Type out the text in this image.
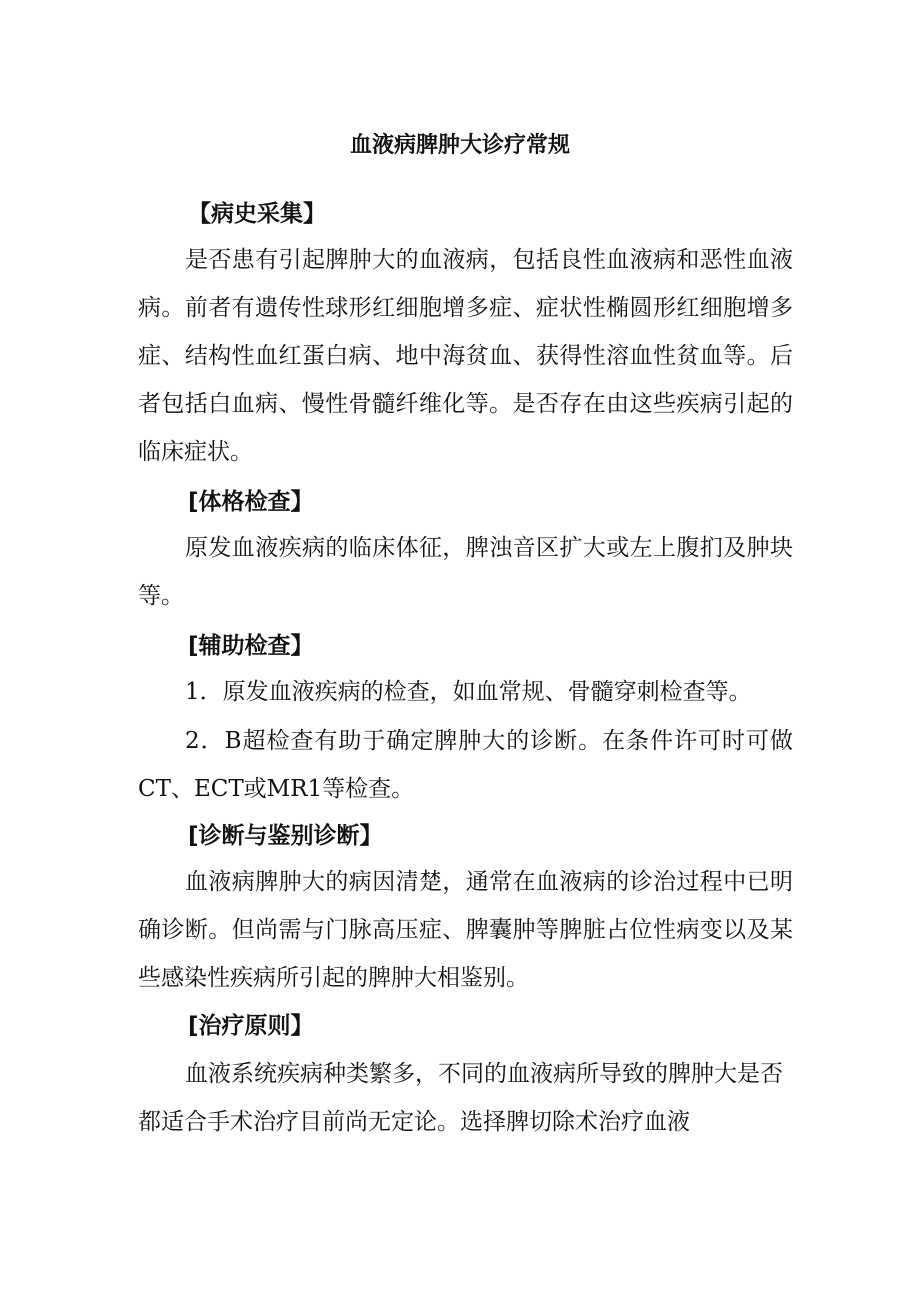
血液病脾肿大诊疗常规
【病史采集】

是否患有引起脾肿大的血液病，包括良性血液病和恶性血液病。前者有遗传性球形红细胞增多症、症状性椭圆形红细胞增多症、结构性血红蛋白病、地中海贫血、获得性溶血性贫血等。后者包括白血病、慢性骨髓纤维化等。是否存在由这些疾病引起的临床症状。

[体格检查】

原发血液疾病的临床体征，脾浊音区扩大或左上腹扪及肿块等。

[辅助检查】

1．原发血液疾病的检查，如血常规、骨髓穿刺检查等。

2．B超检查有助于确定脾肿大的诊断。在条件许可时可做CT、ECT或MR1等检查。

[诊断与鉴别诊断】

血液病脾肿大的病因清楚，通常在血液病的诊治过程中已明确诊断。但尚需与门脉高压症、脾囊肿等脾脏占位性病变以及某些感染性疾病所引起的脾肿大相鉴别。

[治疗原则】

血液系统疾病种类繁多，不同的血液病所导致的脾肿大是否都适合手术治疗目前尚无定论。选择脾切除术治疗血液
